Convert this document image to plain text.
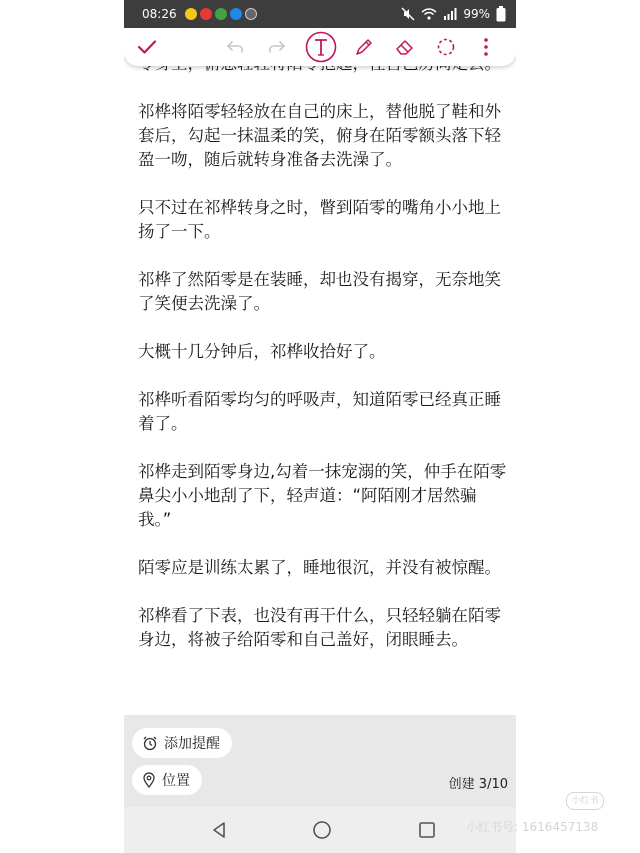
08:26	99%

祁桦将陌零轻轻放在自己的床上，替他脱了鞋和外套后，勾起一抹温柔的笑，俯身在陌零额头落下轻盈一吻，随后就转身准备去洗澡了。

只不过在祁桦转身之时，瞥到陌零的嘴角小小地上扬了一下。

祁桦了然陌零是在装睡，却也没有揭穿，无奈地笑了笑便去洗澡了。

大概十几分钟后，祁桦收拾好了。

祁桦听看陌零均匀的呼吸声，知道陌零已经真正睡着了。

祁桦走到陌零身边,勾着一抹宠溺的笑，仲手在陌零鼻尖小小地刮了下，轻声道：“阿陌刚才居然骗我。”

陌零应是训练太累了，睡地很沉，并没有被惊醒。

祁桦看了下表，也没有再干什么，只轻轻躺在陌零身边，将被子给陌零和自己盖好，闭眼睡去。

添加提醒
位置	创建 3/10
小红书
小红书号: 1616457138
